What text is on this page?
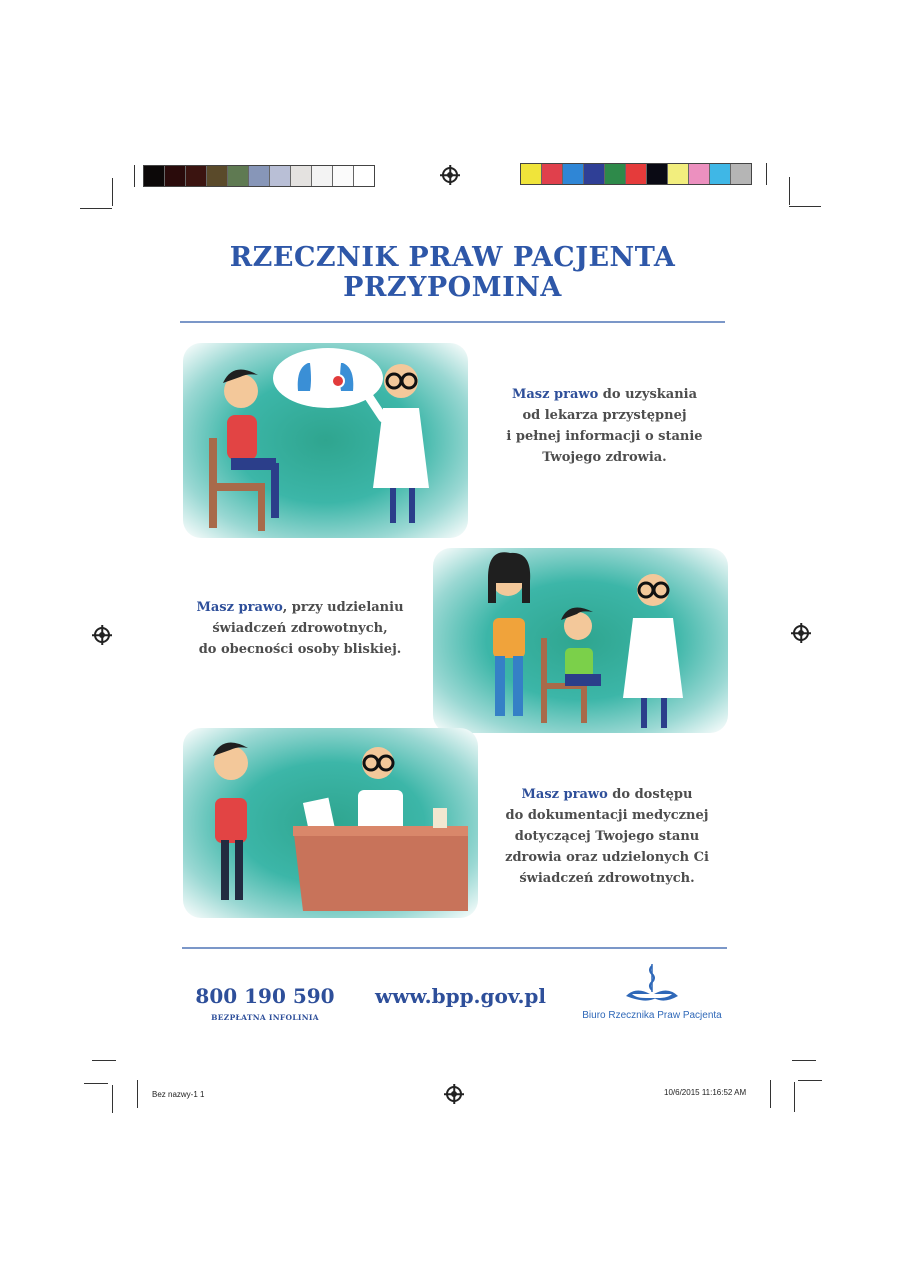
RZECZNIK PRAW PACJENTA
PRZYPOMINA
Masz prawo do uzyskania
od lekarza przystępnej
i pełnej informacji o stanie
Twojego zdrowia.
Masz prawo, przy udzielaniu
świadczeń zdrowotnych,
do obecności osoby bliskiej.
Masz prawo do dostępu
do dokumentacji medycznej
dotyczącej Twojego stanu
zdrowia oraz udzielonych Ci
świadczeń zdrowotnych.
800 190 590
BEZPŁATNA INFOLINIA
www.bpp.gov.pl
Biuro Rzecznika Praw Pacjenta
Bez nazwy-1 1	10/6/2015 11:16:52 AM
